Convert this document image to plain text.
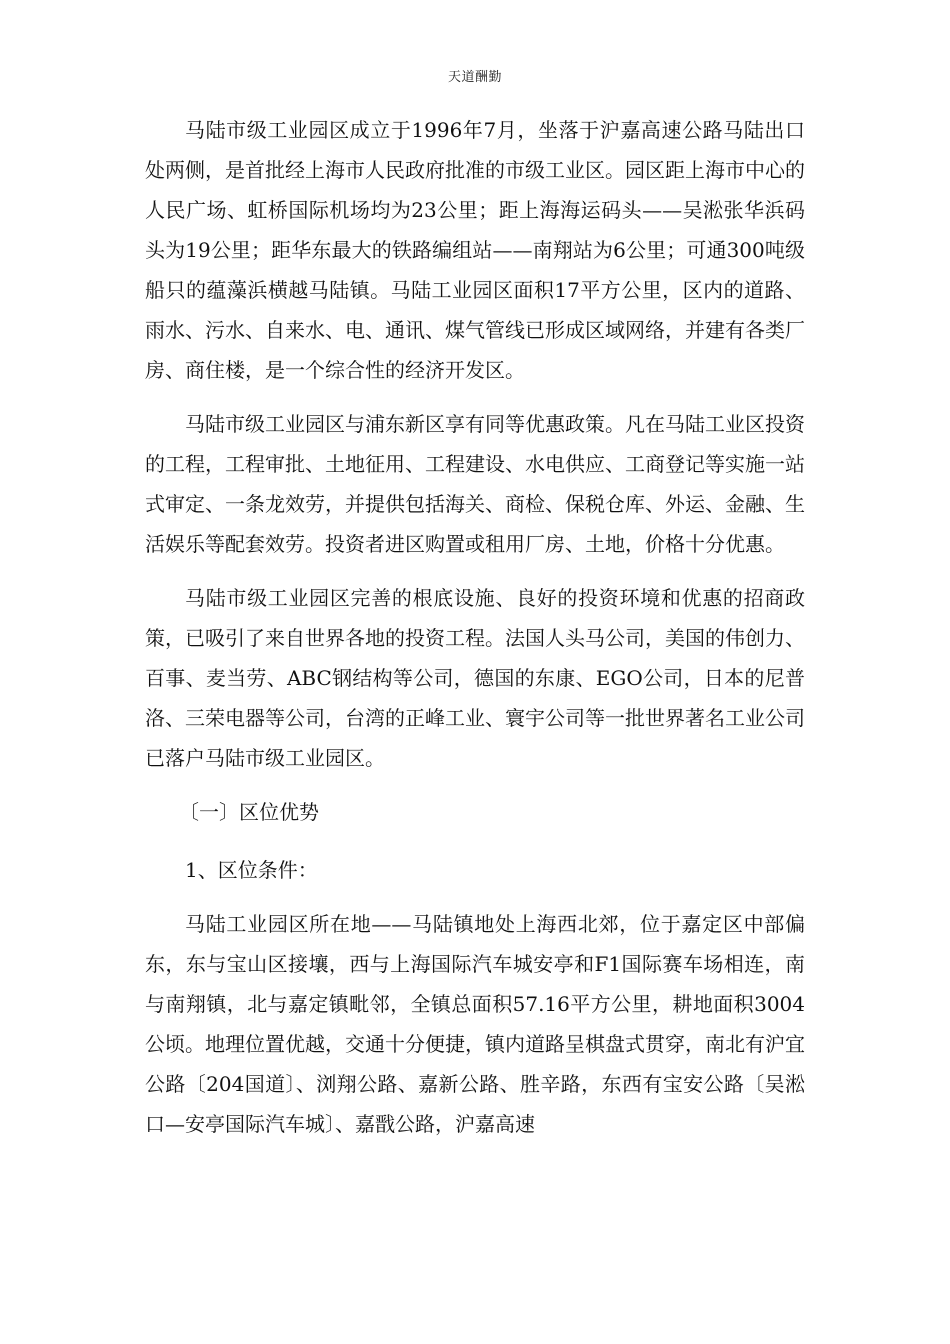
天道酬勤

马陆市级工业园区成立于1996年7月，坐落于沪嘉高速公路马陆出口处两侧，是首批经上海市人民政府批准的市级工业区。园区距上海市中心的人民广场、虹桥国际机场均为23公里；距上海海运码头——吴淞张华浜码头为19公里；距华东最大的铁路编组站——南翔站为6公里；可通300吨级船只的蕴藻浜横越马陆镇。马陆工业园区面积17平方公里，区内的道路、雨水、污水、自来水、电、通讯、煤气管线已形成区域网络，并建有各类厂房、商住楼，是一个综合性的经济开发区。

马陆市级工业园区与浦东新区享有同等优惠政策。凡在马陆工业区投资的工程，工程审批、土地征用、工程建设、水电供应、工商登记等实施一站式审定、一条龙效劳，并提供包括海关、商检、保税仓库、外运、金融、生活娱乐等配套效劳。投资者进区购置或租用厂房、土地，价格十分优惠。

马陆市级工业园区完善的根底设施、良好的投资环境和优惠的招商政策，已吸引了来自世界各地的投资工程。法国人头马公司，美国的伟创力、百事、麦当劳、ABC钢结构等公司，德国的东康、EGO公司，日本的尼普洛、三荣电器等公司，台湾的正峰工业、寰宇公司等一批世界著名工业公司已落户马陆市级工业园区。

〔一〕区位优势

1、区位条件：

马陆工业园区所在地——马陆镇地处上海西北郊，位于嘉定区中部偏东，东与宝山区接壤，西与上海国际汽车城安亭和F1国际赛车场相连，南与南翔镇，北与嘉定镇毗邻，全镇总面积57.16平方公里，耕地面积3004公顷。地理位置优越，交通十分便捷，镇内道路呈棋盘式贯穿，南北有沪宜公路〔204国道〕、浏翔公路、嘉新公路、胜辛路，东西有宝安公路〔吴淞口—安亭国际汽车城〕、嘉戬公路，沪嘉高速
